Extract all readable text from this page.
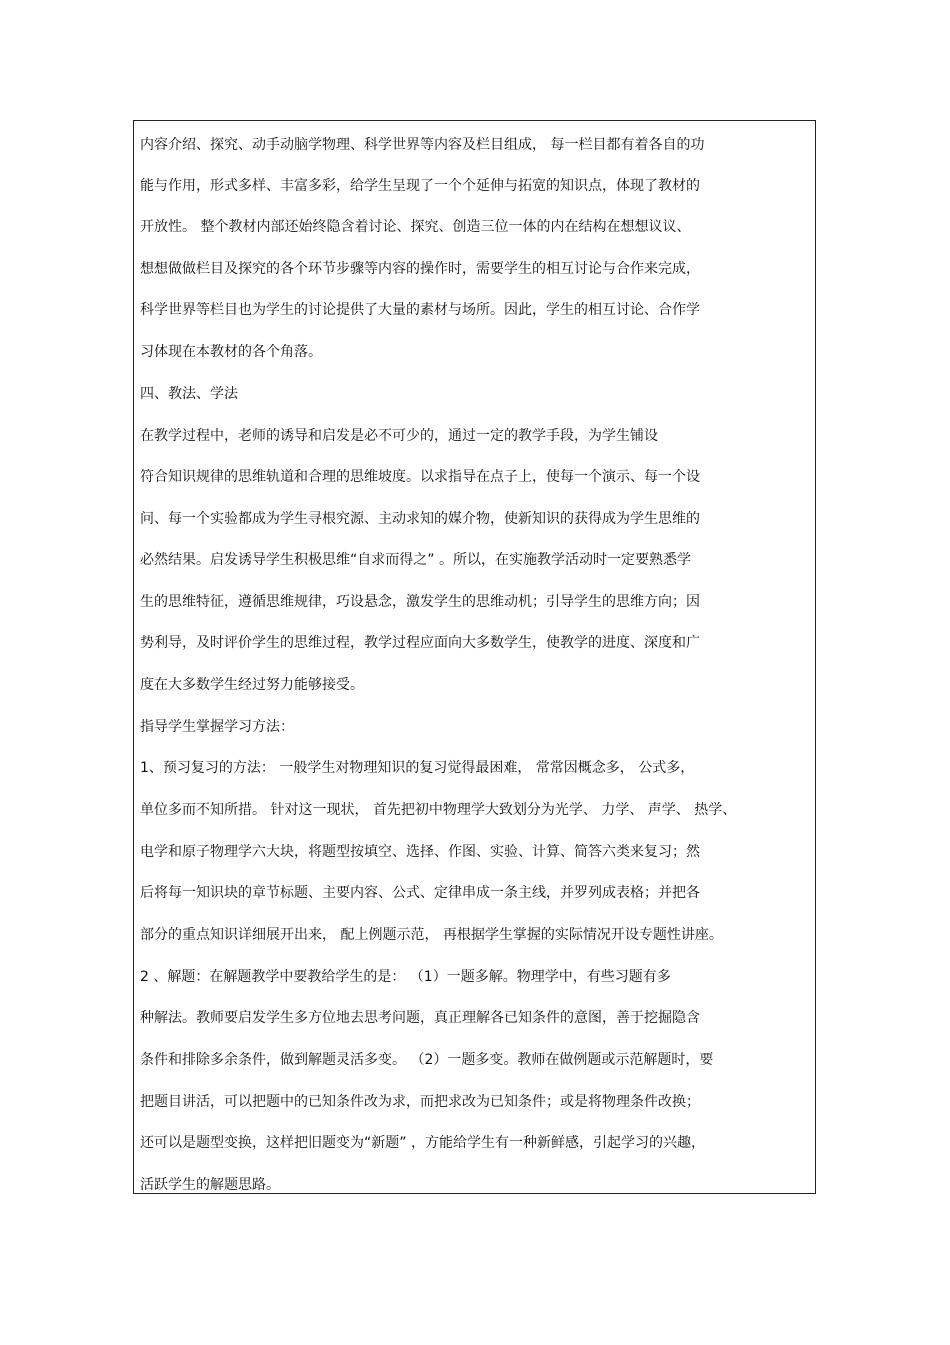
内容介绍、探究、动手动脑学物理、科学世界等内容及栏目组成， 每一栏目都有着各自的功
能与作用，形式多样、丰富多彩，给学生呈现了一个个延伸与拓宽的知识点，体现了教材的
开放性。 整个教材内部还始终隐含着讨论、探究、创造三位一体的内在结构在想想议议、
想想做做栏目及探究的各个环节步骤等内容的操作时，需要学生的相互讨论与合作来完成，
科学世界等栏目也为学生的讨论提供了大量的素材与场所。因此，学生的相互讨论、合作学
习体现在本教材的各个角落。
四、教法、学法
在教学过程中，老师的诱导和启发是必不可少的，通过一定的教学手段，为学生铺设
符合知识规律的思维轨道和合理的思维坡度。以求指导在点子上，使每一个演示、每一个设
问、每一个实验都成为学生寻根究源、主动求知的媒介物，使新知识的获得成为学生思维的
必然结果。启发诱导学生积极思维“自求而得之” 。所以，在实施教学活动时一定要熟悉学
生的思维特征，遵循思维规律，巧设悬念，激发学生的思维动机；引导学生的思维方向；因
势利导，及时评价学生的思维过程，教学过程应面向大多数学生，使教学的进度、深度和广
度在大多数学生经过努力能够接受。
指导学生掌握学习方法：
1、预习复习的方法： 一般学生对物理知识的复习觉得最困难， 常常因概念多， 公式多，
单位多而不知所措。 针对这一现状， 首先把初中物理学大致划分为光学、 力学、 声学、 热学、
电学和原子物理学六大块，将题型按填空、选择、作图、实验、计算、简答六类来复习；然
后将每一知识块的章节标题、主要内容、公式、定律串成一条主线，并罗列成表格；并把各
部分的重点知识详细展开出来， 配上例题示范， 再根据学生掌握的实际情况开设专题性讲座。
2 、解题：在解题教学中要教给学生的是： （1）一题多解。物理学中，有些习题有多
种解法。教师要启发学生多方位地去思考问题，真正理解各已知条件的意图，善于挖掘隐含
条件和排除多余条件，做到解题灵活多变。 （2）一题多变。教师在做例题或示范解题时，要
把题目讲活，可以把题中的已知条件改为求，而把求改为已知条件；或是将物理条件改换；
还可以是题型变换，这样把旧题变为“新题” ，方能给学生有一种新鲜感，引起学习的兴趣，
活跃学生的解题思路。
